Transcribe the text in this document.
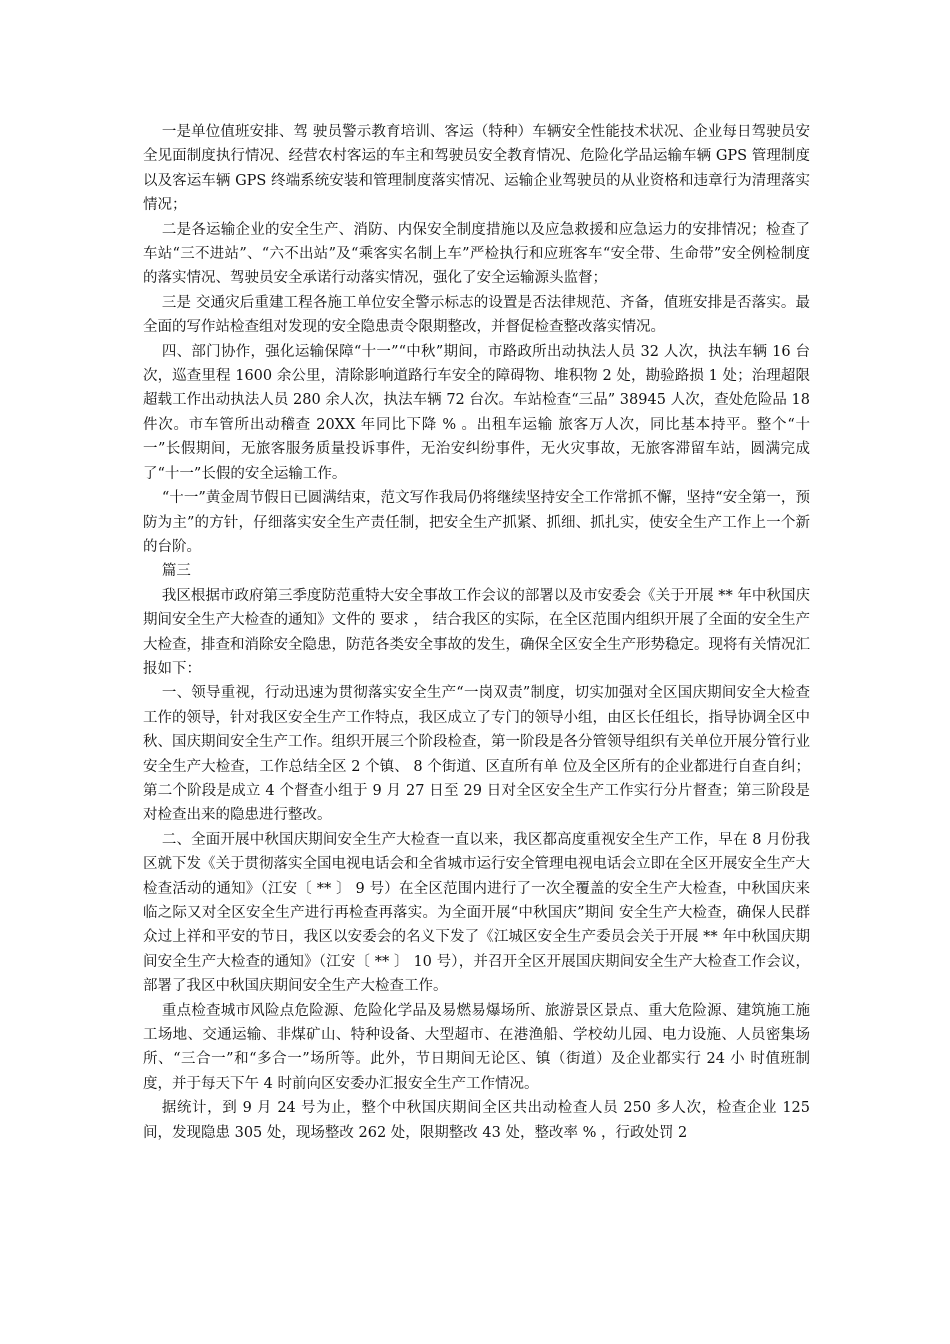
一是单位值班安排、驾 驶员警示教育培训、客运（特种）车辆安全性能技术状况、企业每日驾驶员安全见面制度执行情况、经营农村客运的车主和驾驶员安全教育情况、危险化学品运输车辆 GPS 管理制度以及客运车辆 GPS 终端系统安装和管理制度落实情况、运输企业驾驶员的从业资格和违章行为清理落实情况；

二是各运输企业的安全生产、消防、内保安全制度措施以及应急救援和应急运力的安排情况；检查了车站“三不进站”、“六不出站”及“乘客实名制上车”严检执行和应班客车“安全带、生命带”安全例检制度的落实情况、驾驶员安全承诺行动落实情况，强化了安全运输源头监督；

三是 交通灾后重建工程各施工单位安全警示标志的设置是否法律规范、齐备，值班安排是否落实。最全面的写作站检查组对发现的安全隐患责令限期整改，并督促检查整改落实情况。

四、部门协作，强化运输保障“十一”“中秋”期间，市路政所出动执法人员 32 人次，执法车辆 16 台次，巡查里程 1600 余公里，清除影响道路行车安全的障碍物、堆积物 2 处，勘验路损 1 处；治理超限超载工作出动执法人员 280 余人次，执法车辆 72 台次。车站检查“三品” 38945 人次，查处危险品 18 件次。市车管所出动稽查 20XX 年同比下降 % 。出租车运输 旅客万人次，同比基本持平。整个“十一”长假期间，无旅客服务质量投诉事件，无治安纠纷事件，无火灾事故，无旅客滞留车站，圆满完成了“十一”长假的安全运输工作。

“十一”黄金周节假日已圆满结束，范文写作我局仍将继续坚持安全工作常抓不懈，坚持“安全第一，预防为主”的方针，仔细落实安全生产责任制，把安全生产抓紧、抓细、抓扎实，使安全生产工作上一个新的台阶。

篇三

我区根据市政府第三季度防范重特大安全事故工作会议的部署以及市安委会《关于开展 ** 年中秋国庆期间安全生产大检查的通知》文件的 要求 ， 结合我区的实际，在全区范围内组织开展了全面的安全生产大检查，排查和消除安全隐患，防范各类安全事故的发生，确保全区安全生产形势稳定。现将有关情况汇报如下：

一、领导重视，行动迅速为贯彻落实安全生产“一岗双责”制度，切实加强对全区国庆期间安全大检查工作的领导，针对我区安全生产工作特点，我区成立了专门的领导小组，由区长任组长，指导协调全区中秋、国庆期间安全生产工作。组织开展三个阶段检查，第一阶段是各分管领导组织有关单位开展分管行业安全生产大检查，工作总结全区 2 个镇、 8 个街道、区直所有单 位及全区所有的企业都进行自查自纠；第二个阶段是成立 4 个督查小组于 9 月 27 日至 29 日对全区安全生产工作实行分片督查；第三阶段是对检查出来的隐患进行整改。

二、全面开展中秋国庆期间安全生产大检查一直以来，我区都高度重视安全生产工作，早在 8 月份我区就下发《关于贯彻落实全国电视电话会和全省城市运行安全管理电视电话会立即在全区开展安全生产大检查活动的通知》（江安〔 ** 〕 9 号）在全区范围内进行了一次全覆盖的安全生产大检查，中秋国庆来临之际又对全区安全生产进行再检查再落实。为全面开展“中秋国庆”期间 安全生产大检查，确保人民群众过上祥和平安的节日，我区以安委会的名义下发了《江城区安全生产委员会关于开展 ** 年中秋国庆期间安全生产大检查的通知》（江安〔 ** 〕 10 号），并召开全区开展国庆期间安全生产大检查工作会议，部署了我区中秋国庆期间安全生产大检查工作。

重点检查城市风险点危险源、危险化学品及易燃易爆场所、旅游景区景点、重大危险源、建筑施工施工场地、交通运输、非煤矿山、特种设备、大型超市、在港渔船、学校幼儿园、电力设施、人员密集场所、“三合一”和“多合一”场所等。此外，节日期间无论区、镇（街道）及企业都实行 24 小 时值班制度，并于每天下午 4 时前向区安委办汇报安全生产工作情况。

据统计，到 9 月 24 号为止，整个中秋国庆期间全区共出动检查人员 250 多人次，检查企业 125 间，发现隐患 305 处，现场整改 262 处，限期整改 43 处，整改率 % ，行政处罚 2
